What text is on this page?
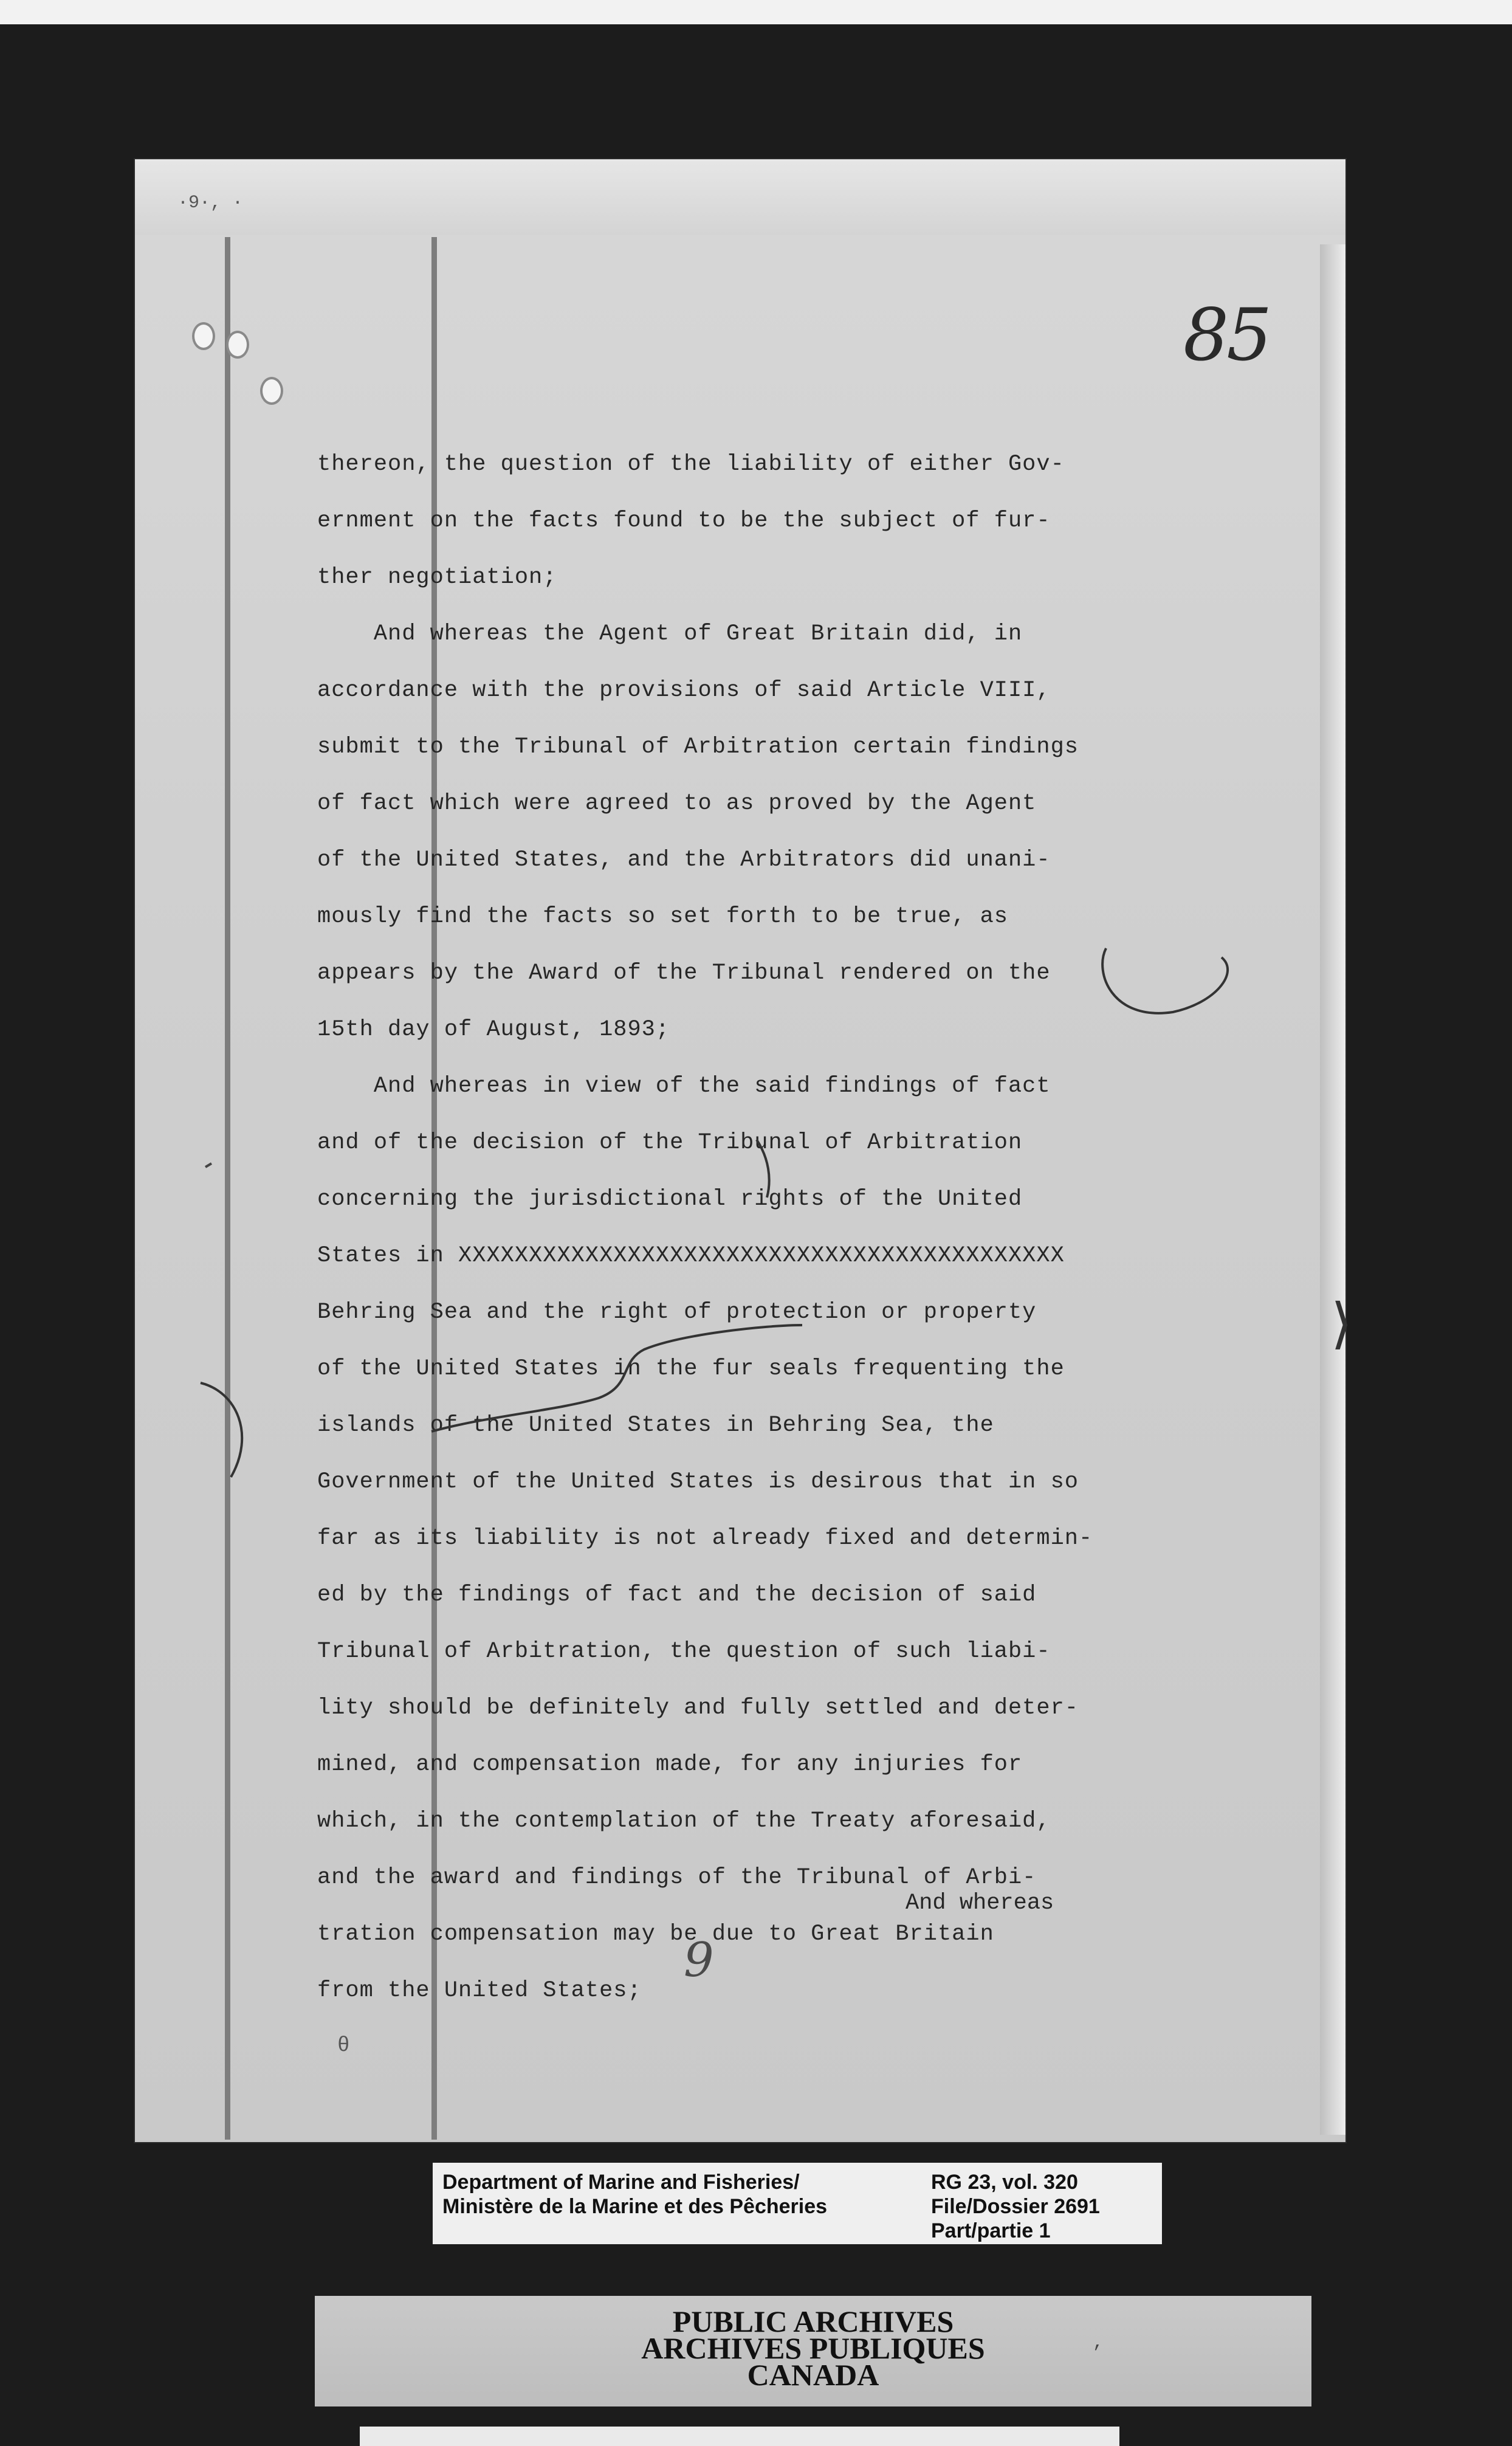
·9·, ·
85
θ
thereon, the question of the liability of either Gov-
ernment on the facts found to be the subject of fur-
ther negotiation;
And whereas the Agent of Great Britain did, in
accordance with the provisions of said Article VIII,
submit to the Tribunal of Arbitration certain findings
of fact which were agreed to as proved by the Agent
of the United States, and the Arbitrators did unani-
mously find the facts so set forth to be true, as
appears by the Award of the Tribunal rendered on the
15th day of August, 1893;
And whereas in view of the said findings of fact
and of the decision of the Tribunal of Arbitration
concerning the jurisdictional rights of the United
States in XXXXXXXXXXXXXXXXXXXXXXXXXXXXXXXXXXXXXXXXXXX
Behring Sea and the right of protection or property
of the United States in the fur seals frequenting the
islands of the United States in Behring Sea, the
Government of the United States is desirous that in so
far as its liability is not already fixed and determin-
ed by the findings of fact and the decision of said
Tribunal of Arbitration, the question of such liabi-
lity should be definitely and fully settled and deter-
mined, and compensation made, for any injuries for
which, in the contemplation of the Treaty aforesaid,
and the award and findings of the Tribunal of Arbi-
tration compensation may be due to Great Britain
from the United States;
And whereas
9
⟩
Department of Marine and Fisheries/
Ministère de la Marine et des Pêcheries
RG 23, vol. 320
File/Dossier 2691
Part/partie 1
PUBLIC ARCHIVES
ARCHIVES PUBLIQUES
CANADA
,
